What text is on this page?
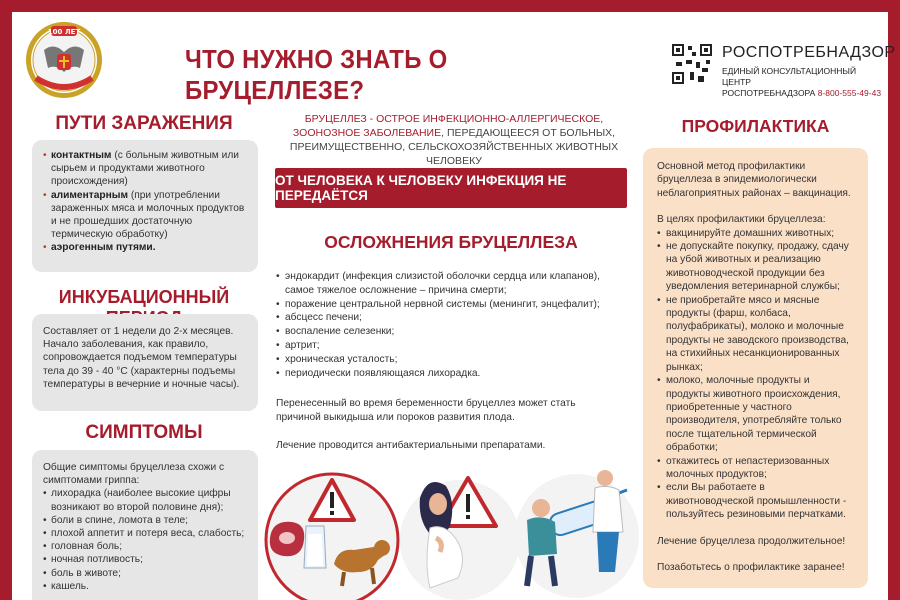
100 ЛЕТ
ЧТО НУЖНО ЗНАТЬ О БРУЦЕЛЛЕЗЕ?
РОСПОТРЕБНАДЗОР
ЕДИНЫЙ КОНСУЛЬТАЦИОННЫЙ ЦЕНТР
РОСПОТРЕБНАДЗОРА 8-800-555-49-43
ПУТИ ЗАРАЖЕНИЯ
• контактным (с больным животным или сырьем и продуктами животного происхождения)
• алиментарным (при употреблении зараженных мяса и молочных продуктов и не прошедших достаточную термическую обработку)
• аэрогенным путями.
ИНКУБАЦИОННЫЙ
Составляет от 1 недели до 2-х месяцев. Начало заболевания, как правило, сопровождается подъемом температуры тела до 39 - 40 °С (характерны подъемы температуры в вечерние и ночные часы).
СИМПТОМЫ
Общие симптомы бруцеллеза схожи с симптомами гриппа:
• лихорадка (наиболее высокие цифры возникают во второй половине дня);
• боли в спине, ломота в теле;
• плохой аппетит и потеря веса, слабость;
• головная боль;
• ночная потливость;
• боль в животе;
• кашель.
БРУЦЕЛЛЕЗ - ОСТРОЕ ИНФЕКЦИОННО-АЛЛЕРГИЧЕСКОЕ, ЗООНОЗНОЕ ЗАБОЛЕВАНИЕ, ПЕРЕДАЮЩЕЕСЯ ОТ БОЛЬНЫХ, ПРЕИМУЩЕСТВЕННО, СЕЛЬСКОХОЗЯЙСТВЕННЫХ ЖИВОТНЫХ ЧЕЛОВЕКУ
ОТ ЧЕЛОВЕКА К ЧЕЛОВЕКУ ИНФЕКЦИЯ НЕ ПЕРЕДАЁТСЯ
ОСЛОЖНЕНИЯ БРУЦЕЛЛЕЗА
• эндокардит (инфекция слизистой оболочки сердца или клапанов), самое тяжелое осложнение – причина смерти;
• поражение центральной нервной системы (менингит, энцефалит);
• абсцесс печени;
• воспаление селезенки;
• артрит;
• хроническая усталость;
• периодически появляющаяся лихорадка.
Перенесенный во время беременности бруцеллез может стать причиной выкидыша или пороков развития плода.
Лечение проводится антибактериальными препаратами.
ПРОФИЛАКТИКА

Основной метод профилактики бруцеллеза в эпидемиологически неблагоприятных районах – вакцинация.

В целях профилактики бруцеллеза:
• вакцинируйте домашних животных;
• не допускайте покупку, продажу, сдачу на убой животных и реализацию животноводческой продукции без уведомления ветеринарной службы;
• не приобретайте мясо и мясные продукты (фарш, колбаса, полуфабрикаты), молоко и молочные продукты не заводского производства, на стихийных несанкционированных рынках;
• молоко, молочные продукты и продукты животного происхождения, приобретенные у частного производителя, употребляйте только после тщательной термической обработки;
• откажитесь от непастеризованных молочных продуктов;
• если Вы работаете в животноводческой промышленности - пользуйтесь резиновыми перчатками.

Лечение бруцеллеза продолжительное!

Позаботьтесь о профилактике заранее!
